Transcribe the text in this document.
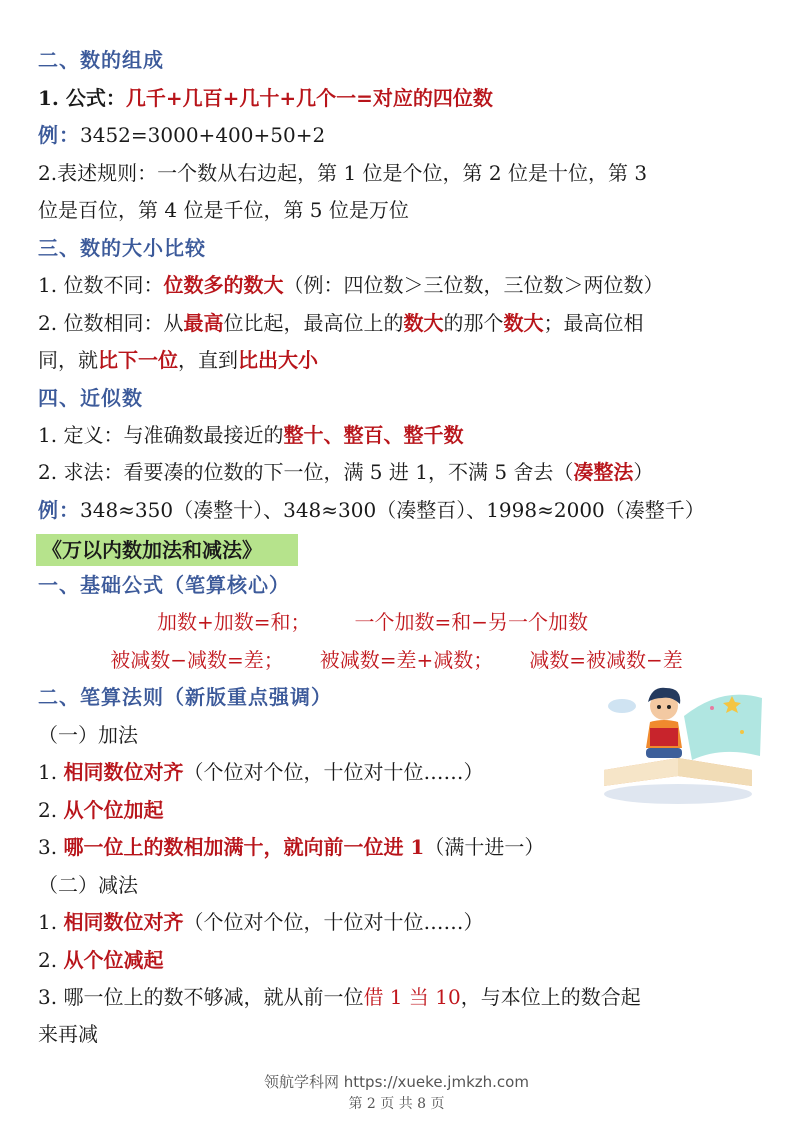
二、数的组成
1. 公式：几千+几百+几十+几个一=对应的四位数
例：3452=3000+400+50+2
2.表述规则：一个数从右边起，第 1 位是个位，第 2 位是十位，第 3
位是百位，第 4 位是千位，第 5 位是万位
三、数的大小比较
1. 位数不同：位数多的数大（例：四位数＞三位数，三位数＞两位数）
2. 位数相同：从最高位比起，最高位上的数大的那个数大；最高位相
同，就比下一位，直到比出大小
四、近似数
1. 定义：与准确数最接近的整十、整百、整千数
2. 求法：看要凑的位数的下一位，满 5 进 1，不满 5 舍去（凑整法）
例：348≈350（凑整十）、348≈300（凑整百）、1998≈2000（凑整千）
《万以内数加法和减法》
一、基础公式（笔算核心）
加数+加数=和； 一个加数=和−另一个加数
被减数−减数=差； 被减数=差+减数； 减数=被减数−差
二、笔算法则（新版重点强调）
（一）加法
1. 相同数位对齐（个位对个位，十位对十位……）
2. 从个位加起
3. 哪一位上的数相加满十，就向前一位进 1（满十进一）
（二）减法
1. 相同数位对齐（个位对个位，十位对十位……）
2. 从个位减起
3. 哪一位上的数不够减，就从前一位借 1 当 10，与本位上的数合起
来再减
领航学科网 https://xueke.jmkzh.com
第 2 页 共 8 页
